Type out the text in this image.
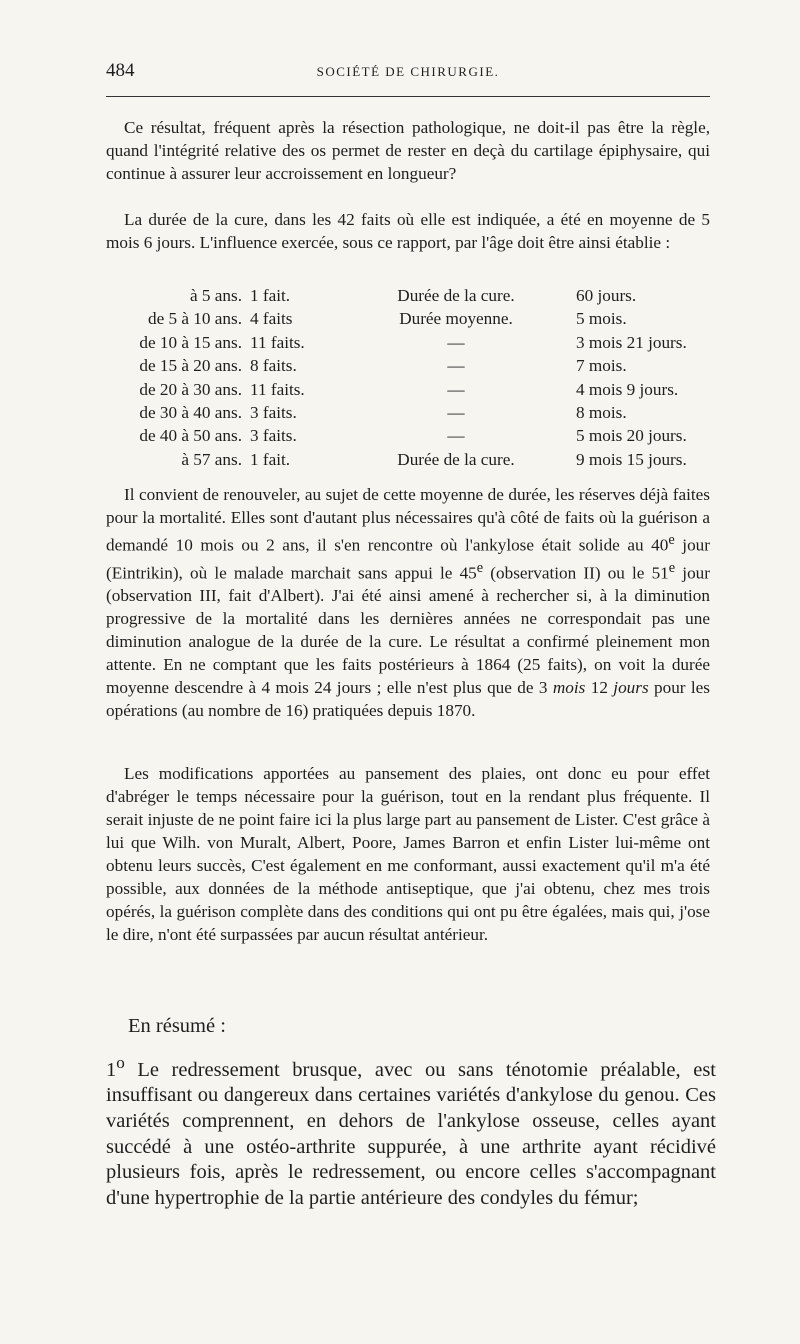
484	SOCIÉTÉ DE CHIRURGIE.

Ce résultat, fréquent après la résection pathologique, ne doit-il pas être la règle, quand l'intégrité relative des os permet de rester en deçà du cartilage épiphysaire, qui continue à assurer leur accroissement en longueur?

La durée de la cure, dans les 42 faits où elle est indiquée, a été en moyenne de 5 mois 6 jours. L'influence exercée, sous ce rapport, par l'âge doit être ainsi établie :

à 5 ans. 1 fait.	Durée de la cure.	60 jours.
de 5 à 10 ans. 4 faits	Durée moyenne.	5 mois.
de 10 à 15 ans. 11 faits.	—	3 mois 21 jours.
de 15 à 20 ans. 8 faits.	—	7 mois.
de 20 à 30 ans. 11 faits.	—	4 mois 9 jours.
de 30 à 40 ans. 3 faits.	—	8 mois.
de 40 à 50 ans. 3 faits.	—	5 mois 20 jours.
à 57 ans. 1 fait.	Durée de la cure.	9 mois 15 jours.

Il convient de renouveler, au sujet de cette moyenne de durée, les réserves déjà faites pour la mortalité. Elles sont d'autant plus nécessaires qu'à côté de faits où la guérison a demandé 10 mois ou 2 ans, il s'en rencontre où l'ankylose était solide au 40e jour (Eintrikin), où le malade marchait sans appui le 45e (observation II) ou le 51e jour (observation III, fait d'Albert). J'ai été ainsi amené à rechercher si, à la diminution progressive de la mortalité dans les dernières années ne correspondait pas une diminution analogue de la durée de la cure. Le résultat a confirmé pleinement mon attente. En ne comptant que les faits postérieurs à 1864 (25 faits), on voit la durée moyenne descendre à 4 mois 24 jours ; elle n'est plus que de 3 mois 12 jours pour les opérations (au nombre de 16) pratiquées depuis 1870.

Les modifications apportées au pansement des plaies, ont donc eu pour effet d'abréger le temps nécessaire pour la guérison, tout en la rendant plus fréquente. Il serait injuste de ne point faire ici la plus large part au pansement de Lister. C'est grâce à lui que Wilh. von Muralt, Albert, Poore, James Barron et enfin Lister lui-même ont obtenu leurs succès, C'est également en me conformant, aussi exactement qu'il m'a été possible, aux données de la méthode antiseptique, que j'ai obtenu, chez mes trois opérés, la guérison complète dans des conditions qui ont pu être égalées, mais qui, j'ose le dire, n'ont été surpassées par aucun résultat antérieur.

En résumé :

1$^o$ Le redressement brusque, avec ou sans ténotomie préalable, est insuffisant ou dangereux dans certaines variétés d'ankylose du genou. Ces variétés comprennent, en dehors de l'ankylose osseuse, celles ayant succédé à une ostéo-arthrite suppurée, à une arthrite ayant récidivé plusieurs fois, après le redressement, ou encore celles s'accompagnant d'une hypertrophie de la partie antérieure des condyles du fémur;
